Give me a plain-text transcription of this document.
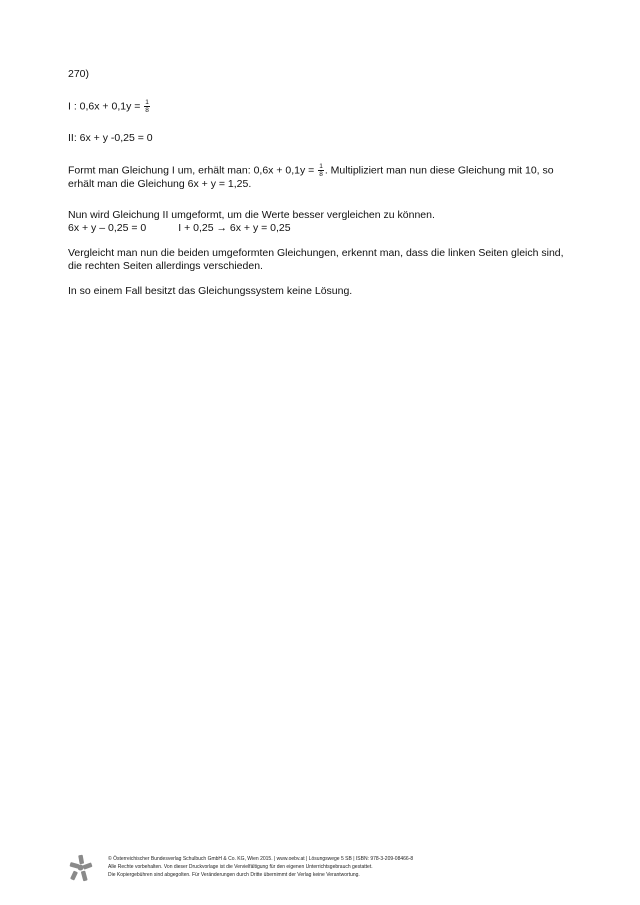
270)
I : $0,6x + 0,1y = \frac{1}{8}$
II: 6x + y -0,25 = 0
Formt man Gleichung I um, erhält man: $0,6x + 0,1y = \frac{1}{8}$ . Multipliziert man nun diese Gleichung mit 10, so
erhält man die Gleichung 6x + y = 1,25.
Nun wird Gleichung II umgeformt, um die Werte besser vergleichen zu können.
6x + y – 0,25 = 0	I + 0,25 → 6x + y = 0,25
Vergleicht man nun die beiden umgeformten Gleichungen, erkennt man, dass die linken Seiten gleich sind,
die rechten Seiten allerdings verschieden.
In so einem Fall besitzt das Gleichungssystem keine Lösung.
© Österreichischer Bundesverlag Schulbuch GmbH & Co. KG, Wien 2015. | www.oebv.at | Lösungswege 5 SB | ISBN: 978-3-209-08466-8
Alle Rechte vorbehalten. Von dieser Druckvorlage ist die Vervielfältigung für den eigenen Unterrichtsgebrauch gestattet.
Die Kopiergebühren sind abgegolten. Für Veränderungen durch Dritte übernimmt der Verlag keine Verantwortung.
